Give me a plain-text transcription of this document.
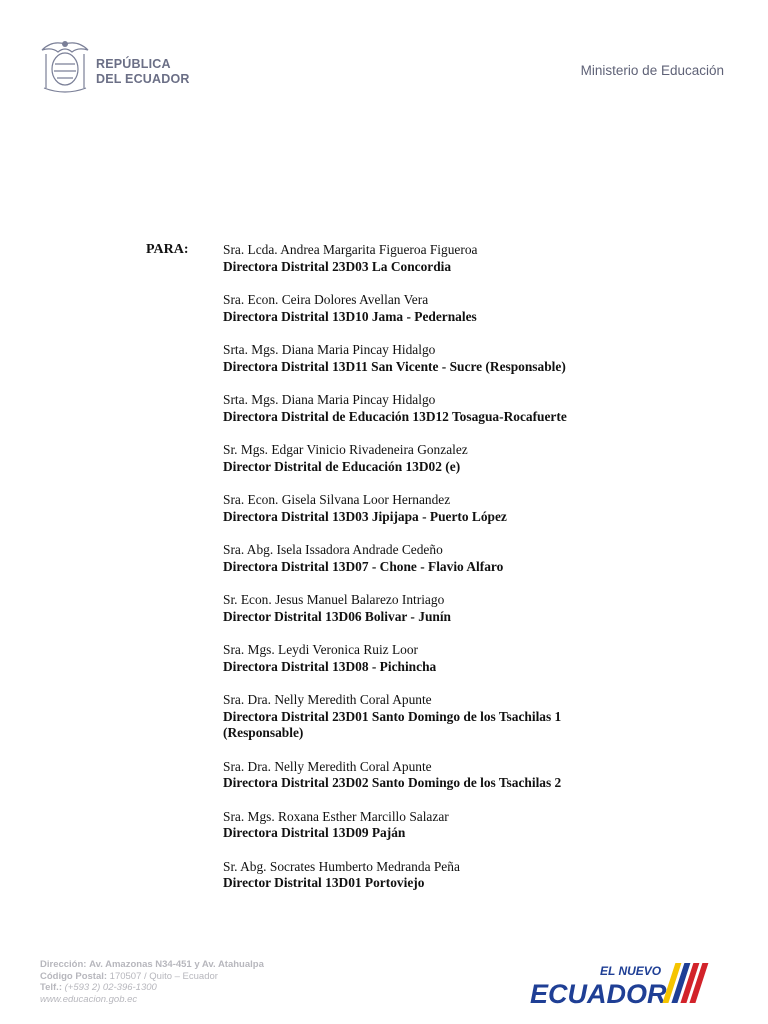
REPÚBLICA
DEL ECUADOR
Ministerio de Educación
PARA:	Sra. Lcda. Andrea Margarita Figueroa Figueroa
Directora Distrital 23D03 La Concordia
Sra. Econ. Ceira Dolores Avellan Vera
Directora Distrital 13D10 Jama - Pedernales
Srta. Mgs. Diana Maria Pincay Hidalgo
Directora Distrital 13D11 San Vicente - Sucre (Responsable)
Srta. Mgs. Diana Maria Pincay Hidalgo
Directora Distrital de Educación 13D12 Tosagua-Rocafuerte
Sr. Mgs. Edgar Vinicio Rivadeneira Gonzalez
Director Distrital de Educación 13D02 (e)
Sra. Econ. Gisela Silvana Loor Hernandez
Directora Distrital 13D03 Jipijapa - Puerto López
Sra. Abg. Isela Issadora Andrade Cedeño
Directora Distrital 13D07 - Chone - Flavio Alfaro
Sr. Econ. Jesus Manuel Balarezo Intriago
Director Distrital 13D06 Bolivar - Junín
Sra. Mgs. Leydi Veronica Ruiz Loor
Directora Distrital 13D08 - Pichincha
Sra. Dra. Nelly Meredith Coral Apunte
Directora Distrital 23D01 Santo Domingo de los Tsachilas 1 (Responsable)
Sra. Dra. Nelly Meredith Coral Apunte
Directora Distrital 23D02 Santo Domingo de los Tsachilas 2
Sra. Mgs. Roxana Esther Marcillo Salazar
Directora Distrital 13D09 Paján
Sr. Abg. Socrates Humberto Medranda Peña
Director Distrital 13D01 Portoviejo
Dirección: Av. Amazonas N34-451 y Av. Atahualpa
Código Postal: 170507 / Quito – Ecuador
Telf.: (+593 2) 02-396-1300
www.educacion.gob.ec
EL NUEVO
ECUADOR
